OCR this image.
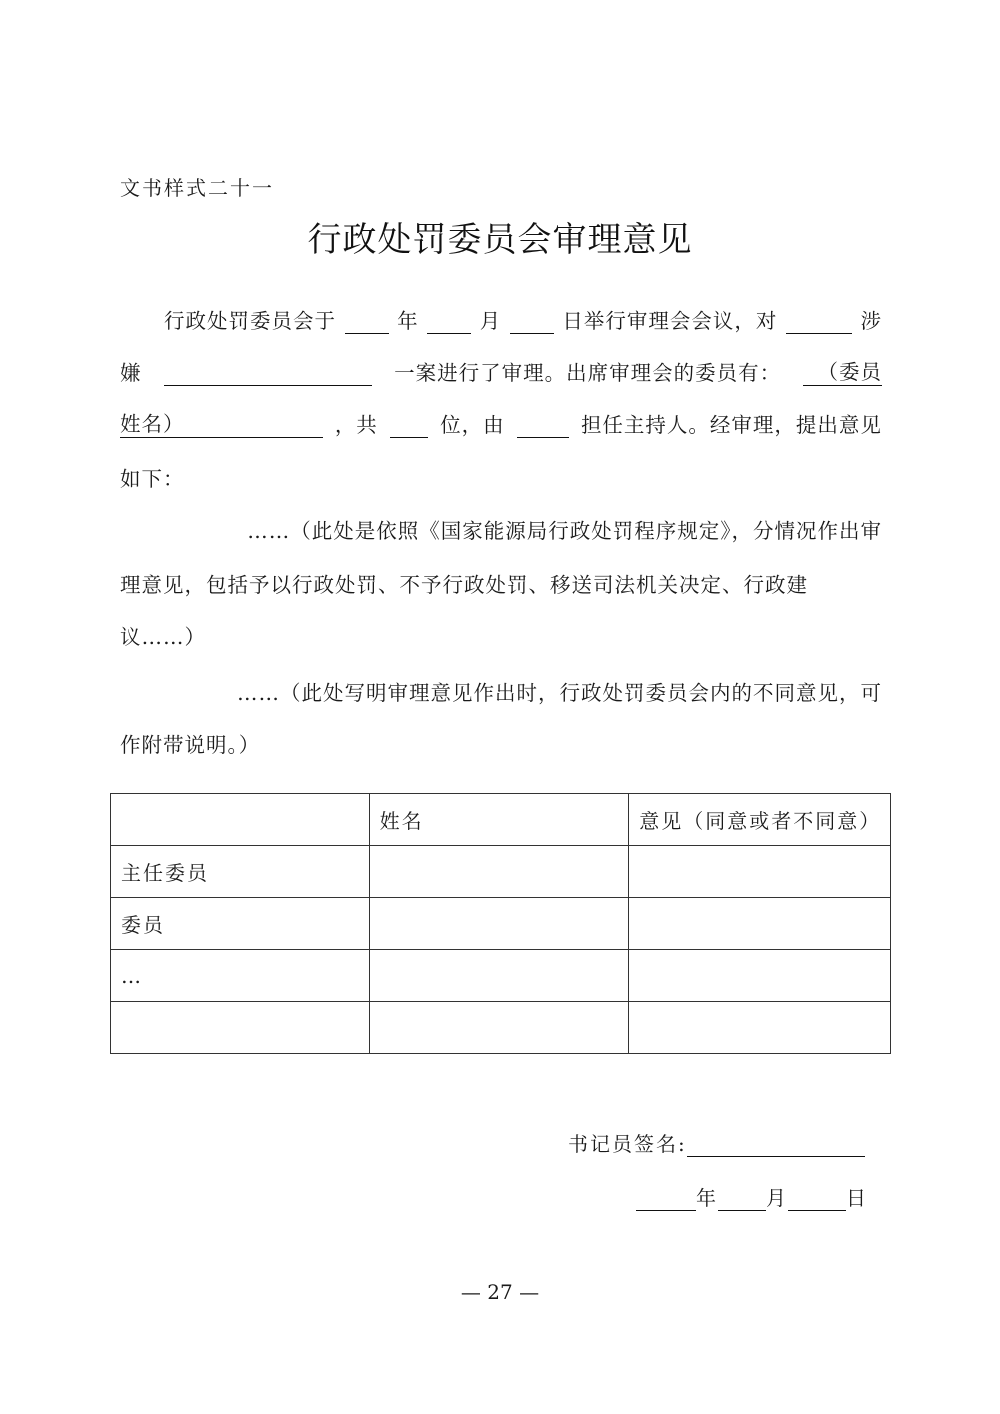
文书样式二十一
行政处罚委员会审理意见
行政处罚委员会于	年	月	日举行审理会会议，对	涉
嫌	一案进行了审理。出席审理会的委员有：	（委员
姓名）	，共	位，由	担任主持人。经审理，提出意见
如下：
……（此处是依照《国家能源局行政处罚程序规定》，分情况作出审
理意见，包括予以行政处罚、不予行政处罚、移送司法机关决定、行政建
议……）
……（此处写明审理意见作出时，行政处罚委员会内的不同意见，可
作附带说明。）
	姓名	意见（同意或者不同意）
主任委员		
委员		
…		

书记员签名:
年 月	日
— 27 —
